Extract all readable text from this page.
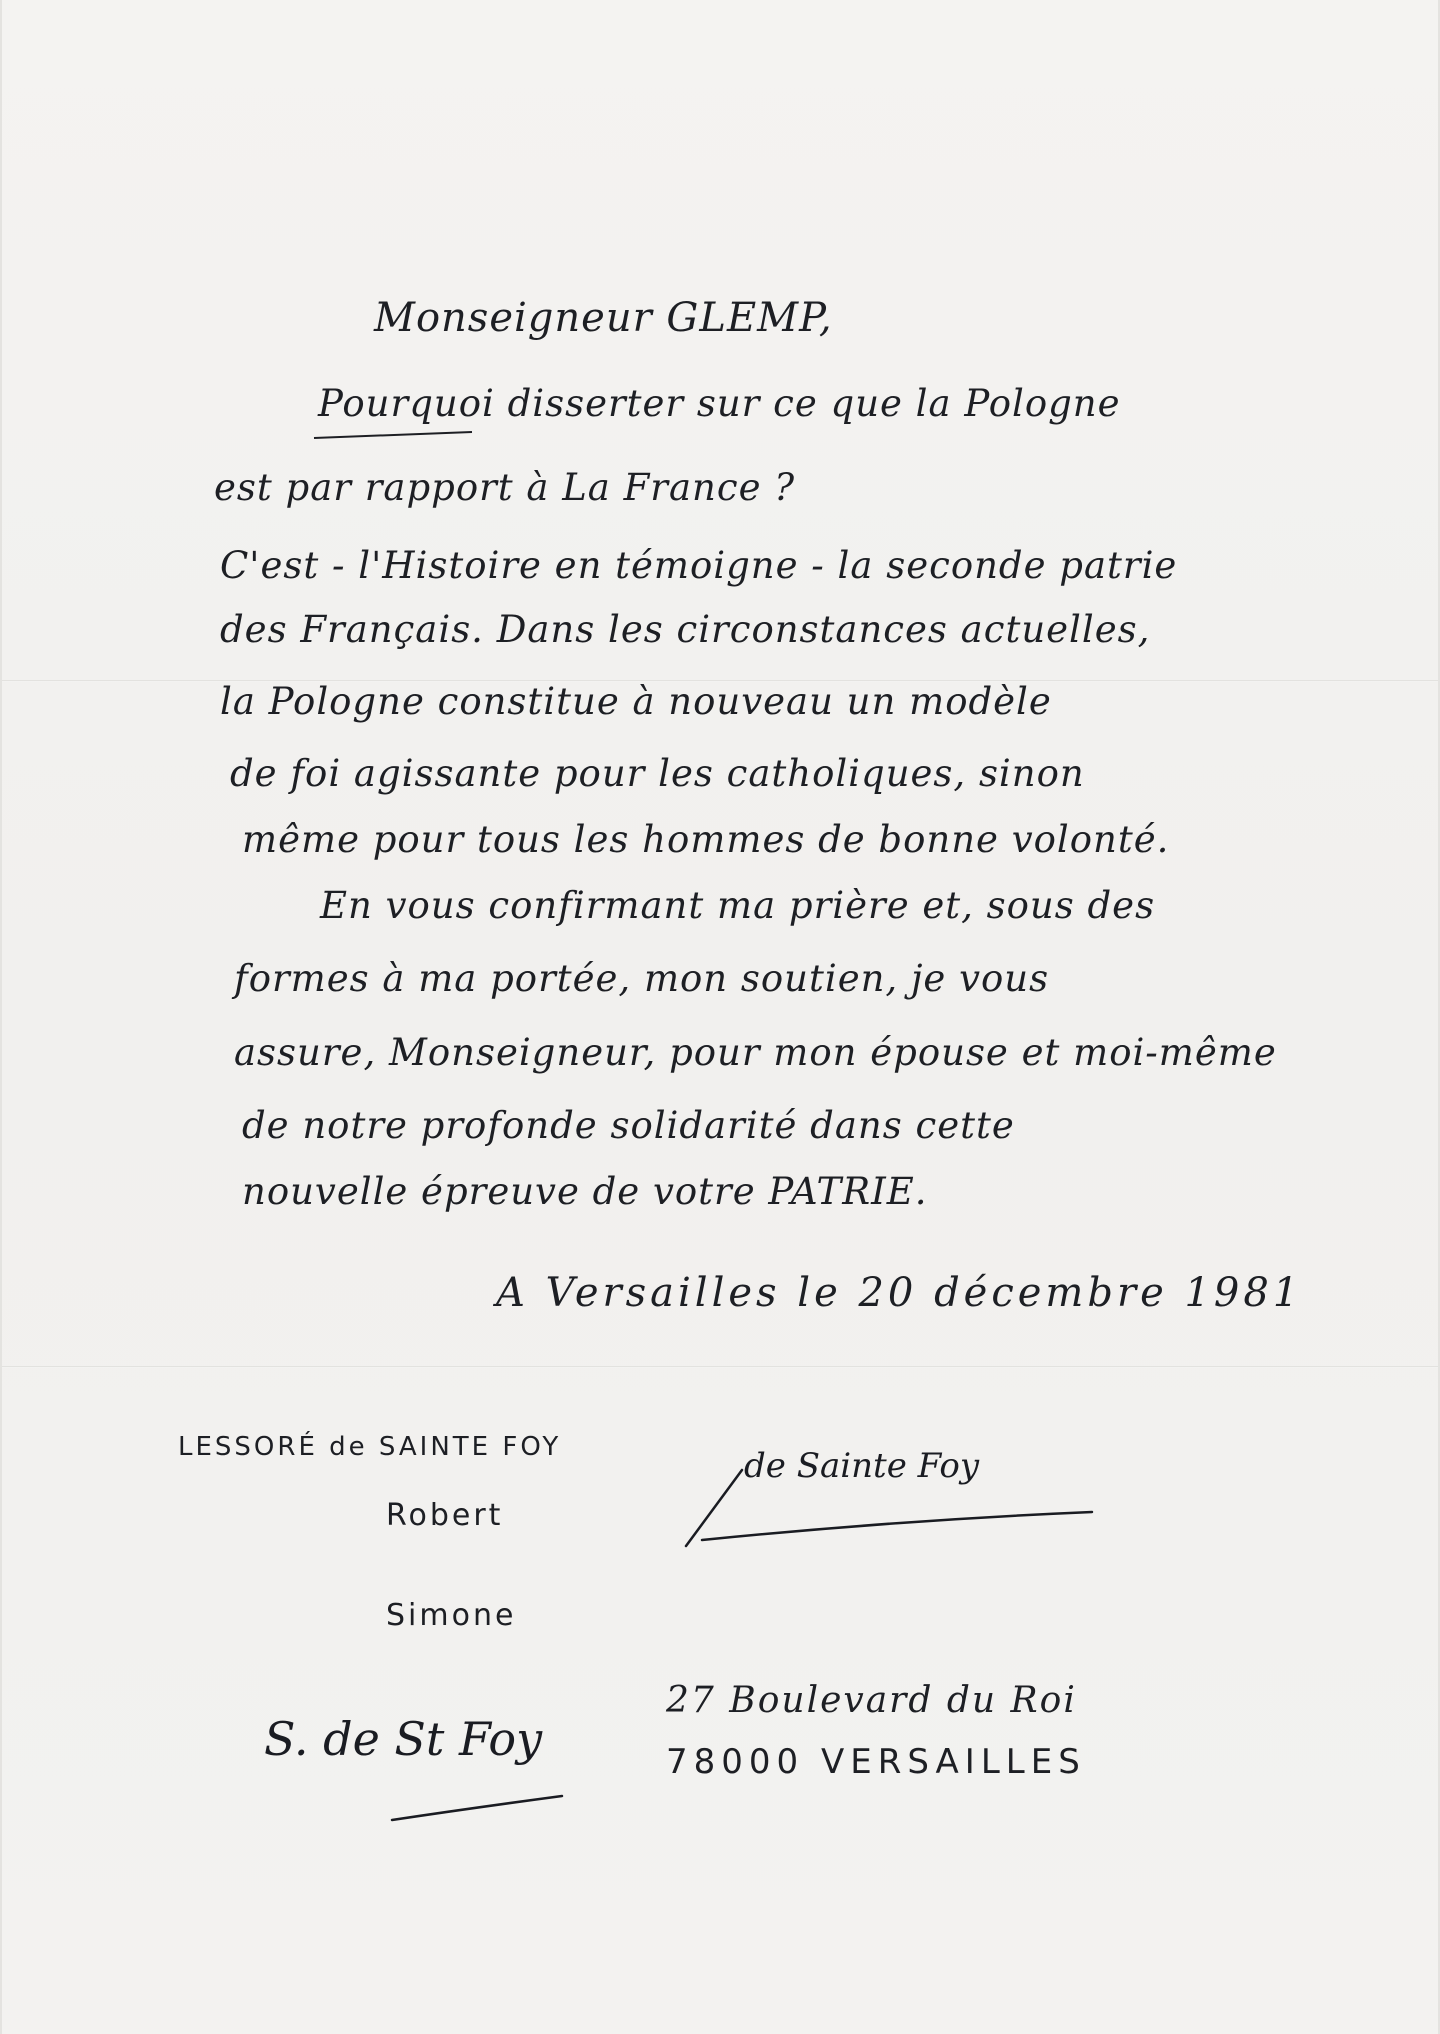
Monseigneur GLEMP,

Pourquoi disserter sur ce que la Pologne

est par rapport à La France ?

C'est - l'Histoire en témoigne - la seconde patrie

des Français. Dans les circonstances actuelles,

la Pologne constitue à nouveau un modèle

de foi agissante pour les catholiques, sinon

même pour tous les hommes de bonne volonté.

En vous confirmant ma prière et, sous des

formes à ma portée, mon soutien, je vous

assure, Monseigneur, pour mon épouse et moi-même

de notre profonde solidarité dans cette

nouvelle épreuve de votre PATRIE.

A Versailles le 20 décembre 1981

LESSORÉ de SAINTE FOY

Robert

Simone

de Sainte Foy
S. de St Foy

27 Boulevard du Roi

78000 VERSAILLES
